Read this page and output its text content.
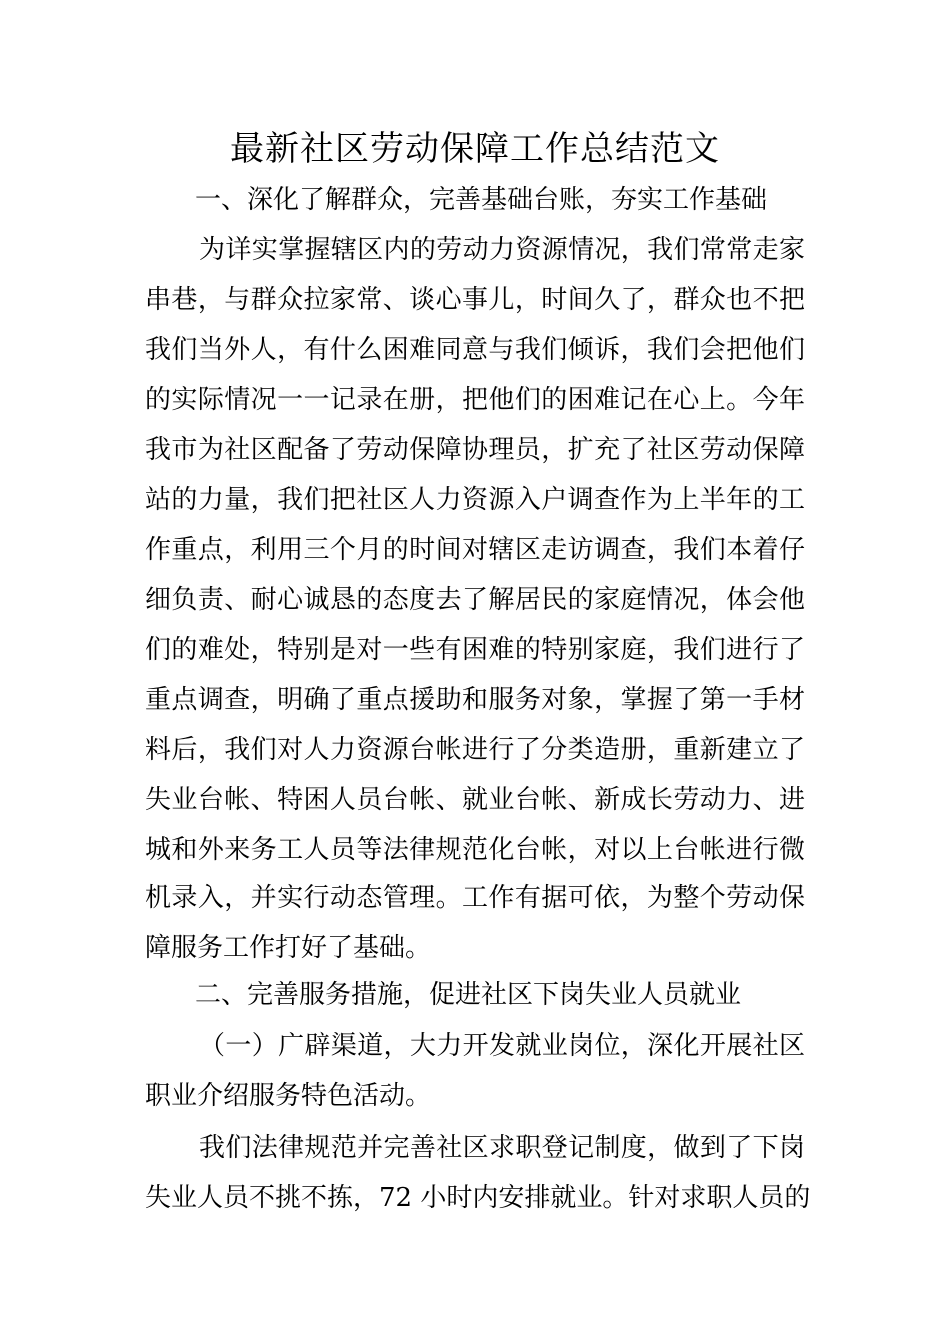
最新社区劳动保障工作总结范文

一、深化了解群众，完善基础台账，夯实工作基础

为详实掌握辖区内的劳动力资源情况，我们常常走家

串巷，与群众拉家常、谈心事儿，时间久了，群众也不把

我们当外人，有什么困难同意与我们倾诉，我们会把他们

的实际情况一一记录在册，把他们的困难记在心上。今年

我市为社区配备了劳动保障协理员，扩充了社区劳动保障

站的力量，我们把社区人力资源入户调查作为上半年的工

作重点，利用三个月的时间对辖区走访调查，我们本着仔

细负责、耐心诚恳的态度去了解居民的家庭情况，体会他

们的难处，特别是对一些有困难的特别家庭，我们进行了

重点调查，明确了重点援助和服务对象，掌握了第一手材

料后，我们对人力资源台帐进行了分类造册，重新建立了

失业台帐、特困人员台帐、就业台帐、新成长劳动力、进

城和外来务工人员等法律规范化台帐，对以上台帐进行微

机录入，并实行动态管理。工作有据可依，为整个劳动保

障服务工作打好了基础。

二、完善服务措施，促进社区下岗失业人员就业

（一）广辟渠道，大力开发就业岗位，深化开展社区

职业介绍服务特色活动。

我们法律规范并完善社区求职登记制度，做到了下岗

失业人员不挑不拣，72 小时内安排就业。针对求职人员的
